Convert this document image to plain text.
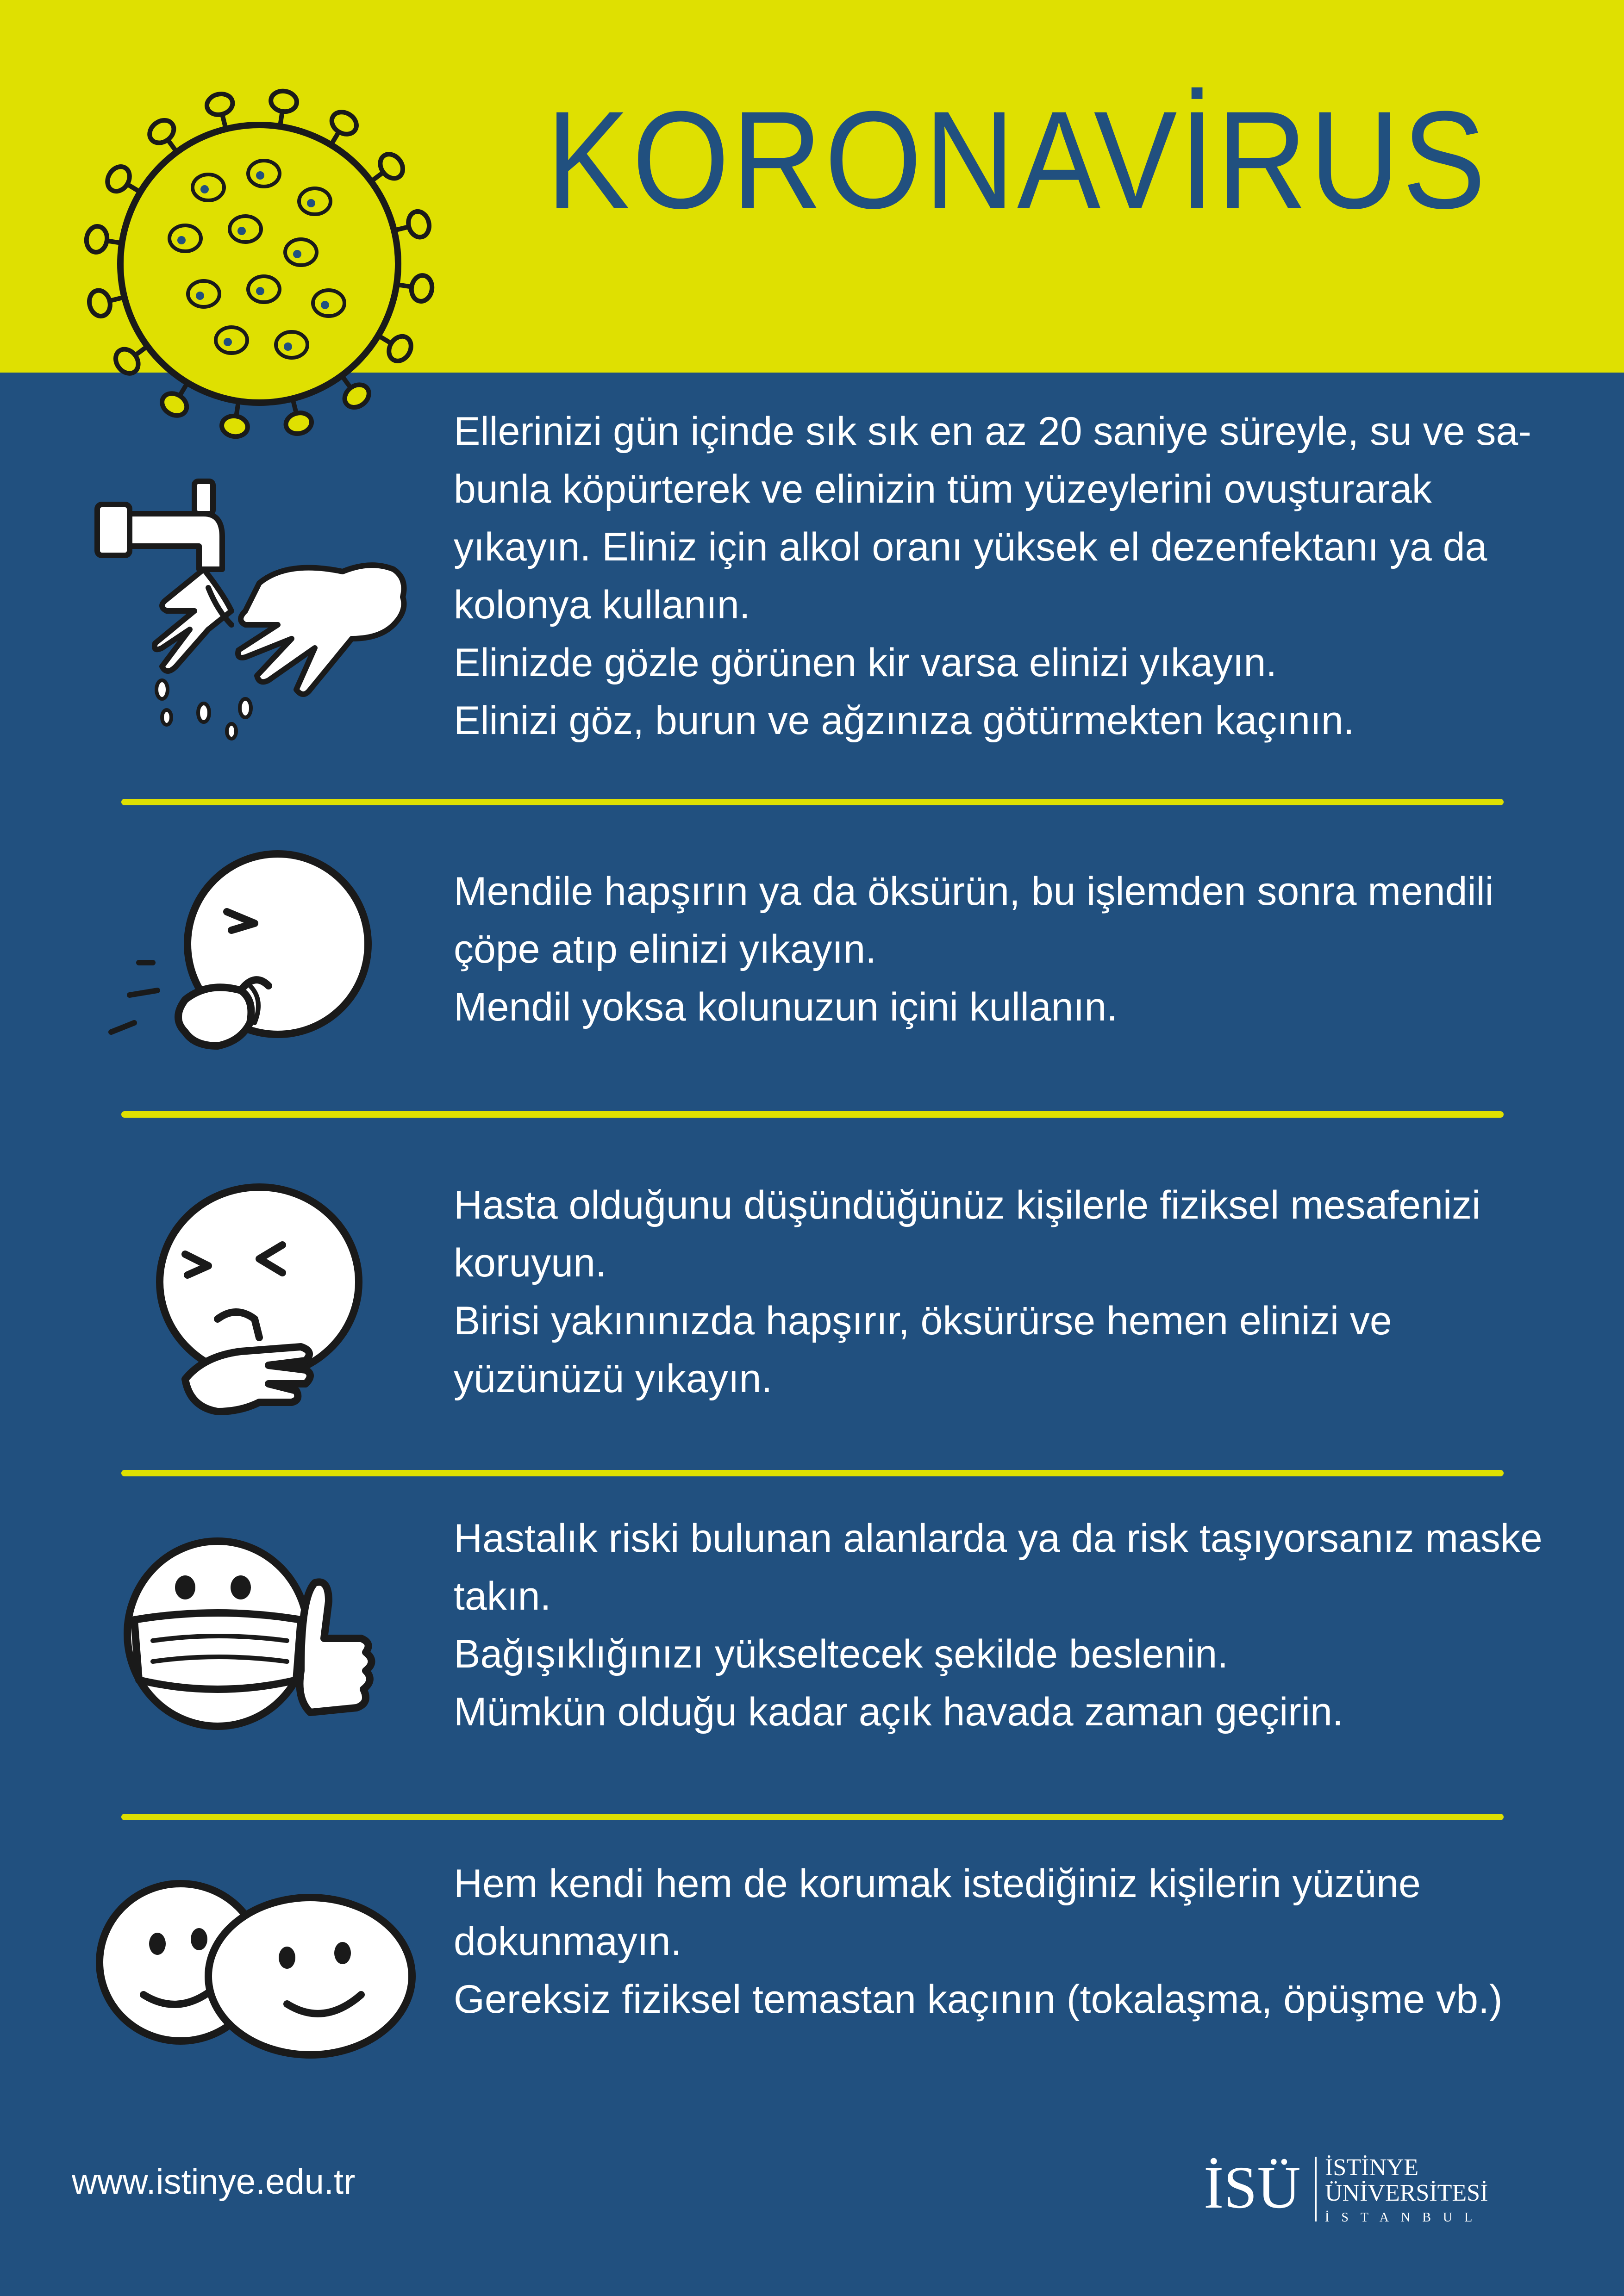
KORONAVİRUS

Ellerinizi gün içinde sık sık en az 20 saniye süreyle, su ve sa-

bunla köpürterek ve elinizin tüm yüzeylerini ovuşturarak

yıkayın. Eliniz için alkol oranı yüksek el dezenfektanı ya da

kolonya kullanın.

Elinizde gözle görünen kir varsa elinizi yıkayın.

Elinizi göz, burun ve ağzınıza götürmekten kaçının.

Mendile hapşırın ya da öksürün, bu işlemden sonra mendili

çöpe atıp elinizi yıkayın.

Mendil yoksa kolunuzun içini kullanın.

Hasta olduğunu düşündüğünüz kişilerle fiziksel mesafenizi

koruyun.

Birisi yakınınızda hapşırır, öksürürse hemen elinizi ve

yüzünüzü yıkayın.

Hastalık riski bulunan alanlarda ya da risk taşıyorsanız maske

takın.

Bağışıklığınızı yükseltecek şekilde beslenin.

Mümkün olduğu kadar açık havada zaman geçirin.

Hem kendi hem de korumak istediğiniz kişilerin yüzüne

dokunmayın.

Gereksiz fiziksel temastan kaçının (tokalaşma, öpüşme vb.)

www.istinye.edu.tr	İSÜ İSTİNYE
ÜNİVERSİTESİ
İSTANBUL
